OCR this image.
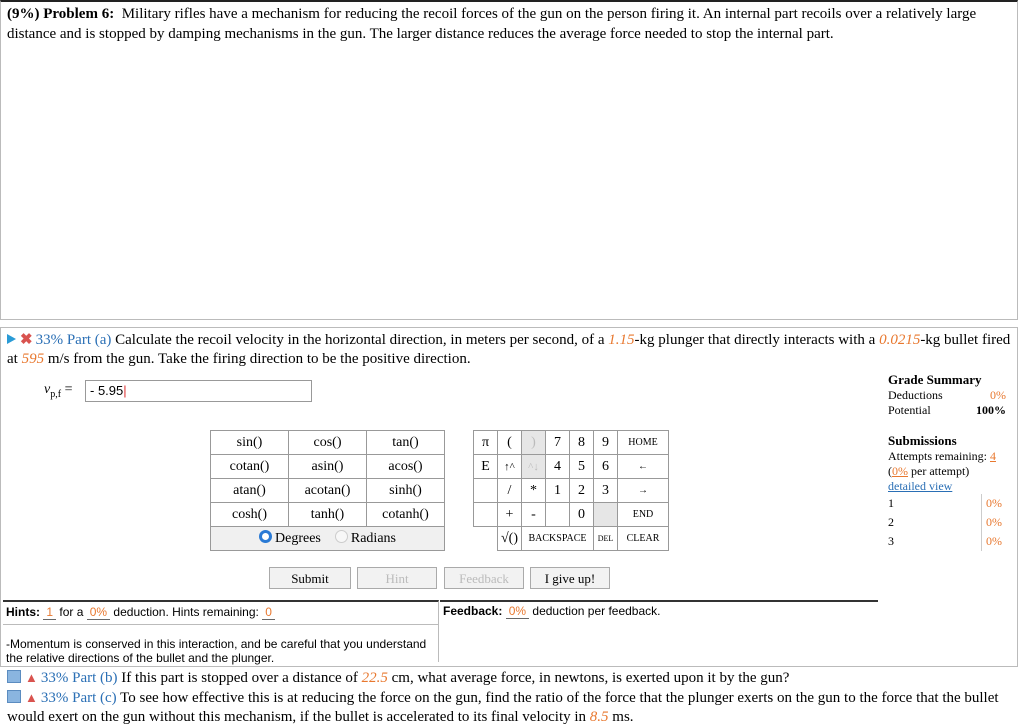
(9%) Problem 6: Military rifles have a mechanism for reducing the recoil forces of the gun on the person firing it. An internal part recoils over a relatively large distance and is stopped by damping mechanisms in the gun. The larger distance reduces the average force needed to stop the internal part.
✖ 33% Part (a) Calculate the recoil velocity in the horizontal direction, in meters per second, of a 1.15-kg plunger that directly interacts with a 0.0215-kg bullet fired at 595 m/s from the gun. Take the firing direction to be the positive direction.
$v_{p,f}$ =	- 5.95|
sin()	cos()	tan()		π	(	)	7	8	9	HOME
cotan()	asin()	acos()		E	↑^	^↓	4	5	6	←
atan()	acotan()	sinh()			/	*	1	2	3	→
cosh()	tanh()	cotanh()			+	-		0		END
Degrees Radians					√()	BACKSPACE			DEL	CLEAR
Submit	Hint	Feedback	I give up!
Hints: 1 for a 0% deduction. Hints remaining: 0
-Momentum is conserved in this interaction, and be careful that you understand the relative directions of the bullet and the plunger.
Feedback: 0% deduction per feedback.
Grade Summary
Deductions	0%
Potential	100%
Submissions
Attempts remaining: 4
(0% per attempt)
detailed view
1	0%
2	0%
3	0%
▲ 33% Part (b) If this part is stopped over a distance of 22.5 cm, what average force, in newtons, is exerted upon it by the gun?
▲ 33% Part (c) To see how effective this is at reducing the force on the gun, find the ratio of the force that the plunger exerts on the gun to the force that the bullet would exert on the gun without this mechanism, if the bullet is accelerated to its final velocity in 8.5 ms.
